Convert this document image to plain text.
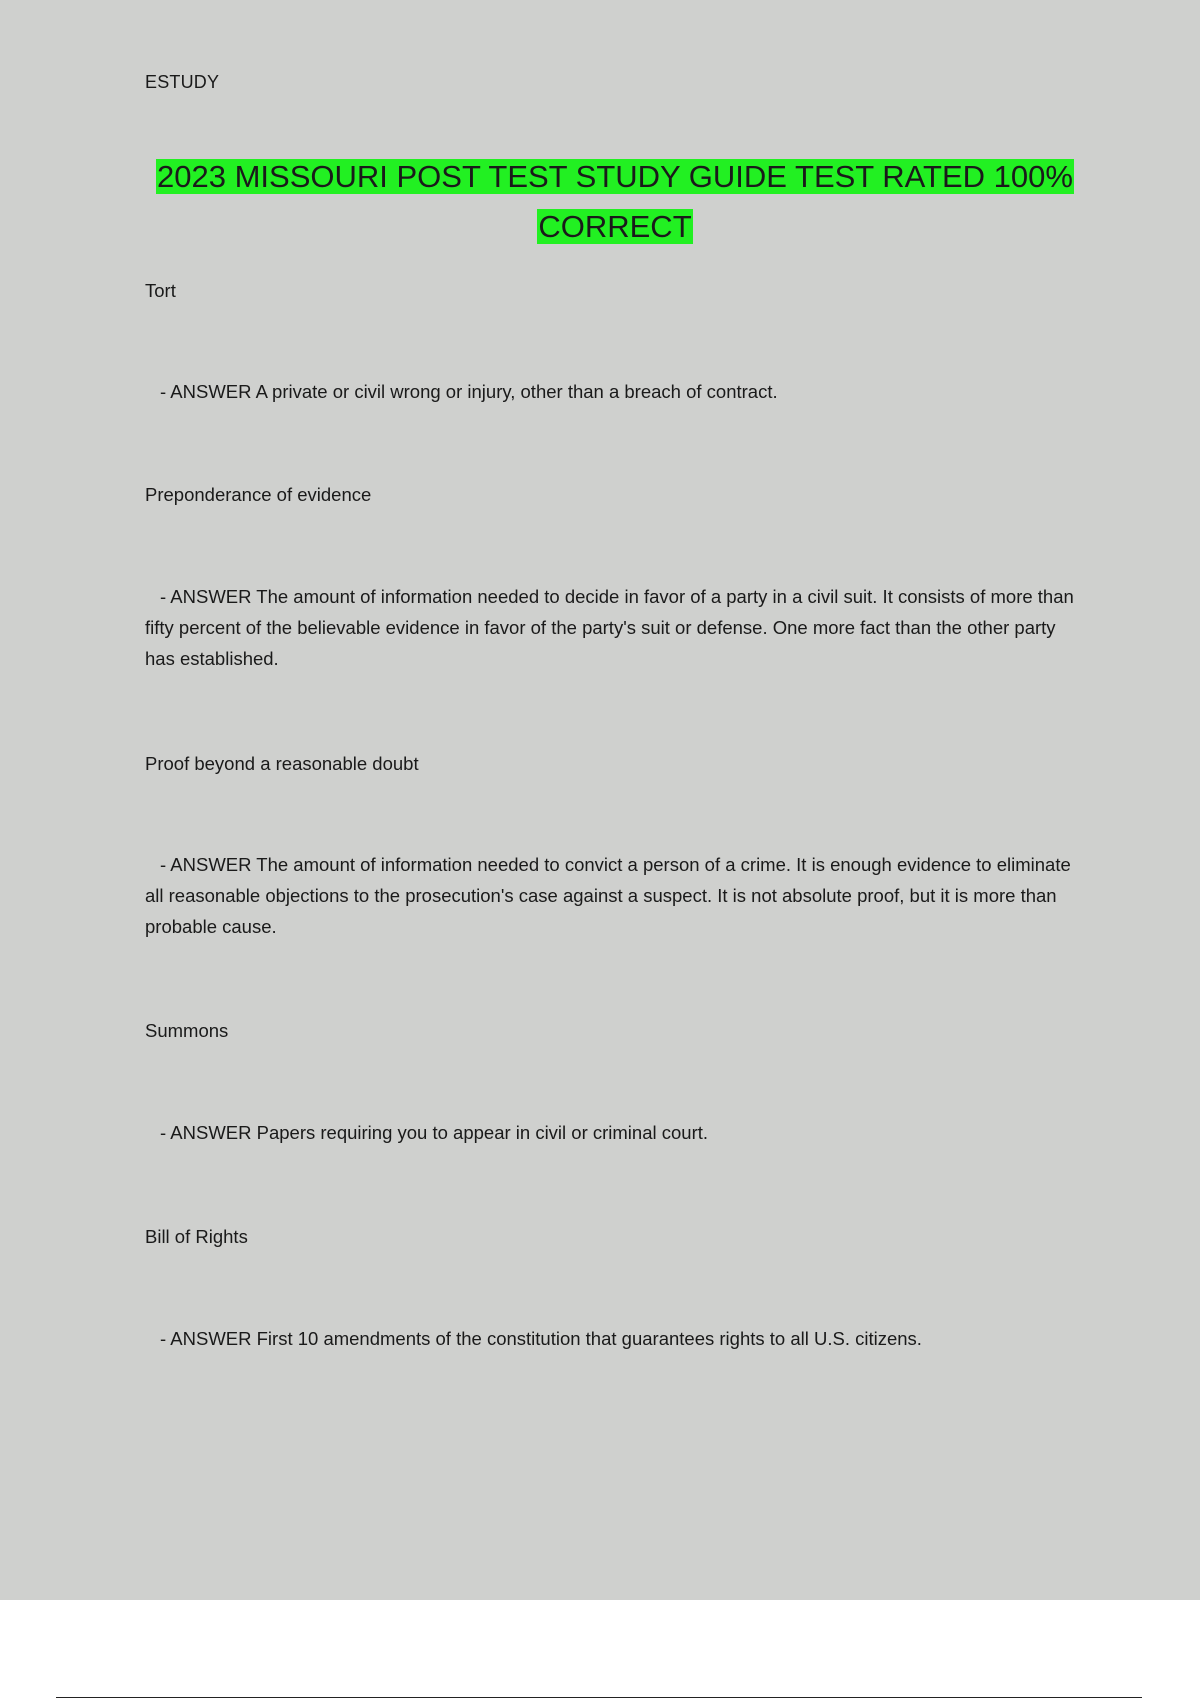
ESTUDY
2023 MISSOURI POST TEST STUDY GUIDE TEST RATED 100%
CORRECT
Tort
- ANSWER A private or civil wrong or injury, other than a breach of contract.
Preponderance of evidence
- ANSWER The amount of information needed to decide in favor of a party in a civil suit. It consists of more than fifty percent of the believable evidence in favor of the party's suit or defense. One more fact than the other party has established.
Proof beyond a reasonable doubt
- ANSWER The amount of information needed to convict a person of a crime. It is enough evidence to eliminate all reasonable objections to the prosecution's case against a suspect. It is not absolute proof, but it is more than probable cause.
Summons
- ANSWER Papers requiring you to appear in civil or criminal court.
Bill of Rights
- ANSWER First 10 amendments of the constitution that guarantees rights to all U.S. citizens.
